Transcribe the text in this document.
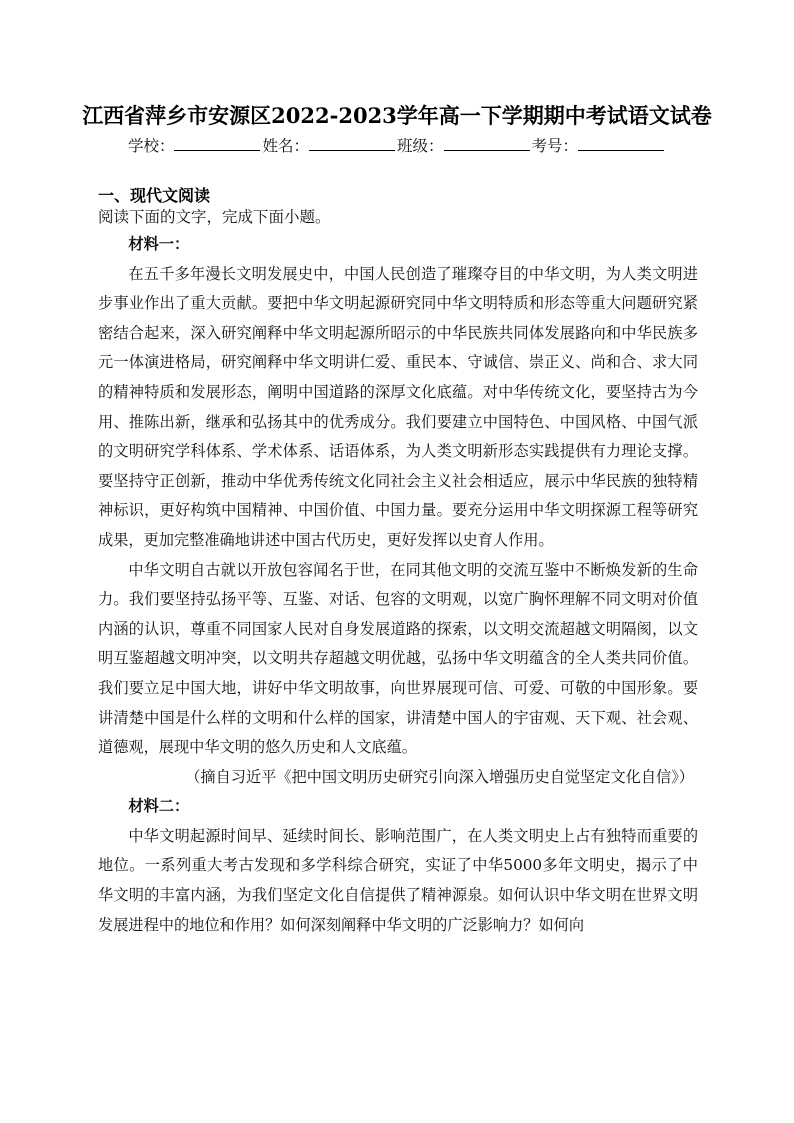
江西省萍乡市安源区2022-2023学年高一下学期期中考试语文试卷
学校：	姓名：	班级：	考号：
一、现代文阅读
阅读下面的文字，完成下面小题。

材料一：

在五千多年漫长文明发展史中，中国人民创造了璀璨夺目的中华文明，为人类文明进步事业作出了重大贡献。要把中华文明起源研究同中华文明特质和形态等重大问题研究紧密结合起来，深入研究阐释中华文明起源所昭示的中华民族共同体发展路向和中华民族多元一体演进格局，研究阐释中华文明讲仁爱、重民本、守诚信、崇正义、尚和合、求大同的精神特质和发展形态，阐明中国道路的深厚文化底蕴。对中华传统文化，要坚持古为今用、推陈出新，继承和弘扬其中的优秀成分。我们要建立中国特色、中国风格、中国气派的文明研究学科体系、学术体系、话语体系，为人类文明新形态实践提供有力理论支撑。要坚持守正创新，推动中华优秀传统文化同社会主义社会相适应，展示中华民族的独特精神标识，更好构筑中国精神、中国价值、中国力量。要充分运用中华文明探源工程等研究成果，更加完整准确地讲述中国古代历史，更好发挥以史育人作用。

中华文明自古就以开放包容闻名于世，在同其他文明的交流互鉴中不断焕发新的生命力。我们要坚持弘扬平等、互鉴、对话、包容的文明观，以宽广胸怀理解不同文明对价值内涵的认识，尊重不同国家人民对自身发展道路的探索，以文明交流超越文明隔阂，以文明互鉴超越文明冲突，以文明共存超越文明优越，弘扬中华文明蕴含的全人类共同价值。我们要立足中国大地，讲好中华文明故事，向世界展现可信、可爱、可敬的中国形象。要讲清楚中国是什么样的文明和什么样的国家，讲清楚中国人的宇宙观、天下观、社会观、道德观，展现中华文明的悠久历史和人文底蕴。

（摘自习近平《把中国文明历史研究引向深入增强历史自觉坚定文化自信》）

材料二：

中华文明起源时间早、延续时间长、影响范围广，在人类文明史上占有独特而重要的地位。一系列重大考古发现和多学科综合研究，实证了中华5000多年文明史，揭示了中华文明的丰富内涵，为我们坚定文化自信提供了精神源泉。如何认识中华文明在世界文明发展进程中的地位和作用？如何深刻阐释中华文明的广泛影响力？如何向
